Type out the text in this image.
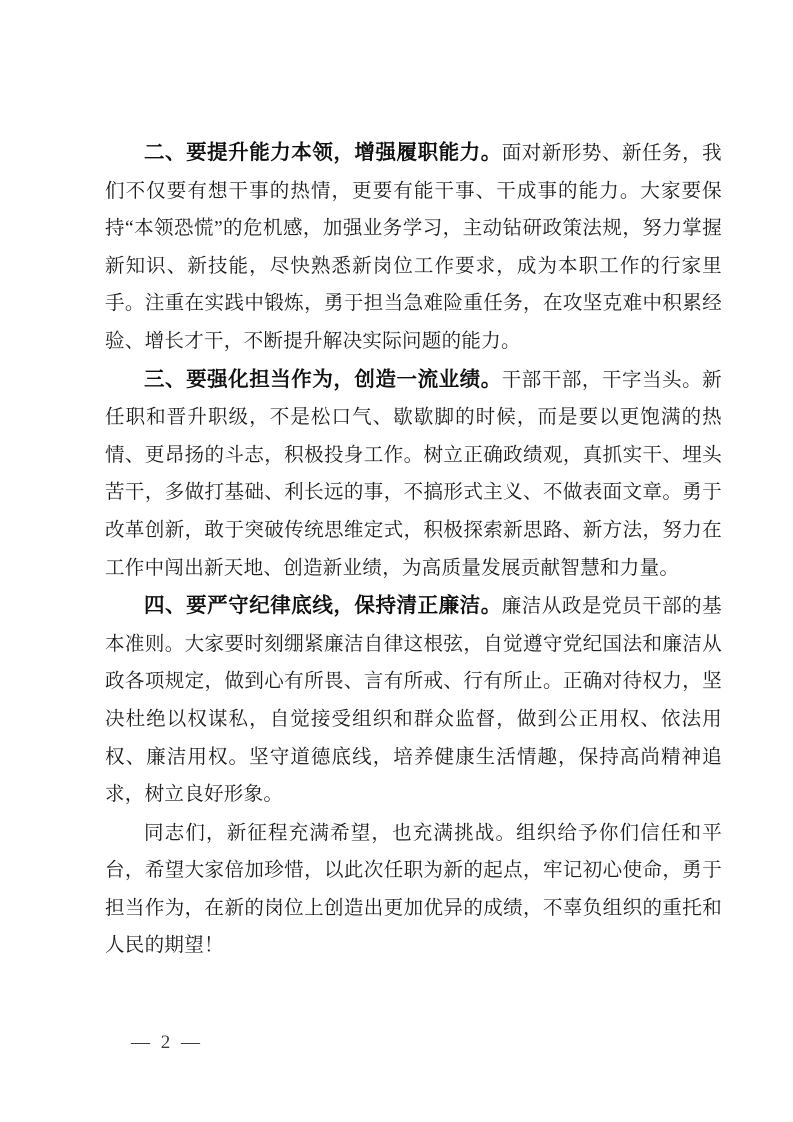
二、要提升能力本领，增强履职能力。面对新形势、新任务，我们不仅要有想干事的热情，更要有能干事、干成事的能力。大家要保持“本领恐慌”的危机感，加强业务学习，主动钻研政策法规，努力掌握新知识、新技能，尽快熟悉新岗位工作要求，成为本职工作的行家里手。注重在实践中锻炼，勇于担当急难险重任务，在攻坚克难中积累经验、增长才干，不断提升解决实际问题的能力。

三、要强化担当作为，创造一流业绩。干部干部，干字当头。新任职和晋升职级，不是松口气、歇歇脚的时候，而是要以更饱满的热情、更昂扬的斗志，积极投身工作。树立正确政绩观，真抓实干、埋头苦干，多做打基础、利长远的事，不搞形式主义、不做表面文章。勇于改革创新，敢于突破传统思维定式，积极探索新思路、新方法，努力在工作中闯出新天地、创造新业绩，为高质量发展贡献智慧和力量。

四、要严守纪律底线，保持清正廉洁。廉洁从政是党员干部的基本准则。大家要时刻绷紧廉洁自律这根弦，自觉遵守党纪国法和廉洁从政各项规定，做到心有所畏、言有所戒、行有所止。正确对待权力，坚决杜绝以权谋私，自觉接受组织和群众监督，做到公正用权、依法用权、廉洁用权。坚守道德底线，培养健康生活情趣，保持高尚精神追求，树立良好形象。

同志们，新征程充满希望，也充满挑战。组织给予你们信任和平台，希望大家倍加珍惜，以此次任职为新的起点，牢记初心使命，勇于担当作为，在新的岗位上创造出更加优异的成绩，不辜负组织的重托和人民的期望！

— 2 —
